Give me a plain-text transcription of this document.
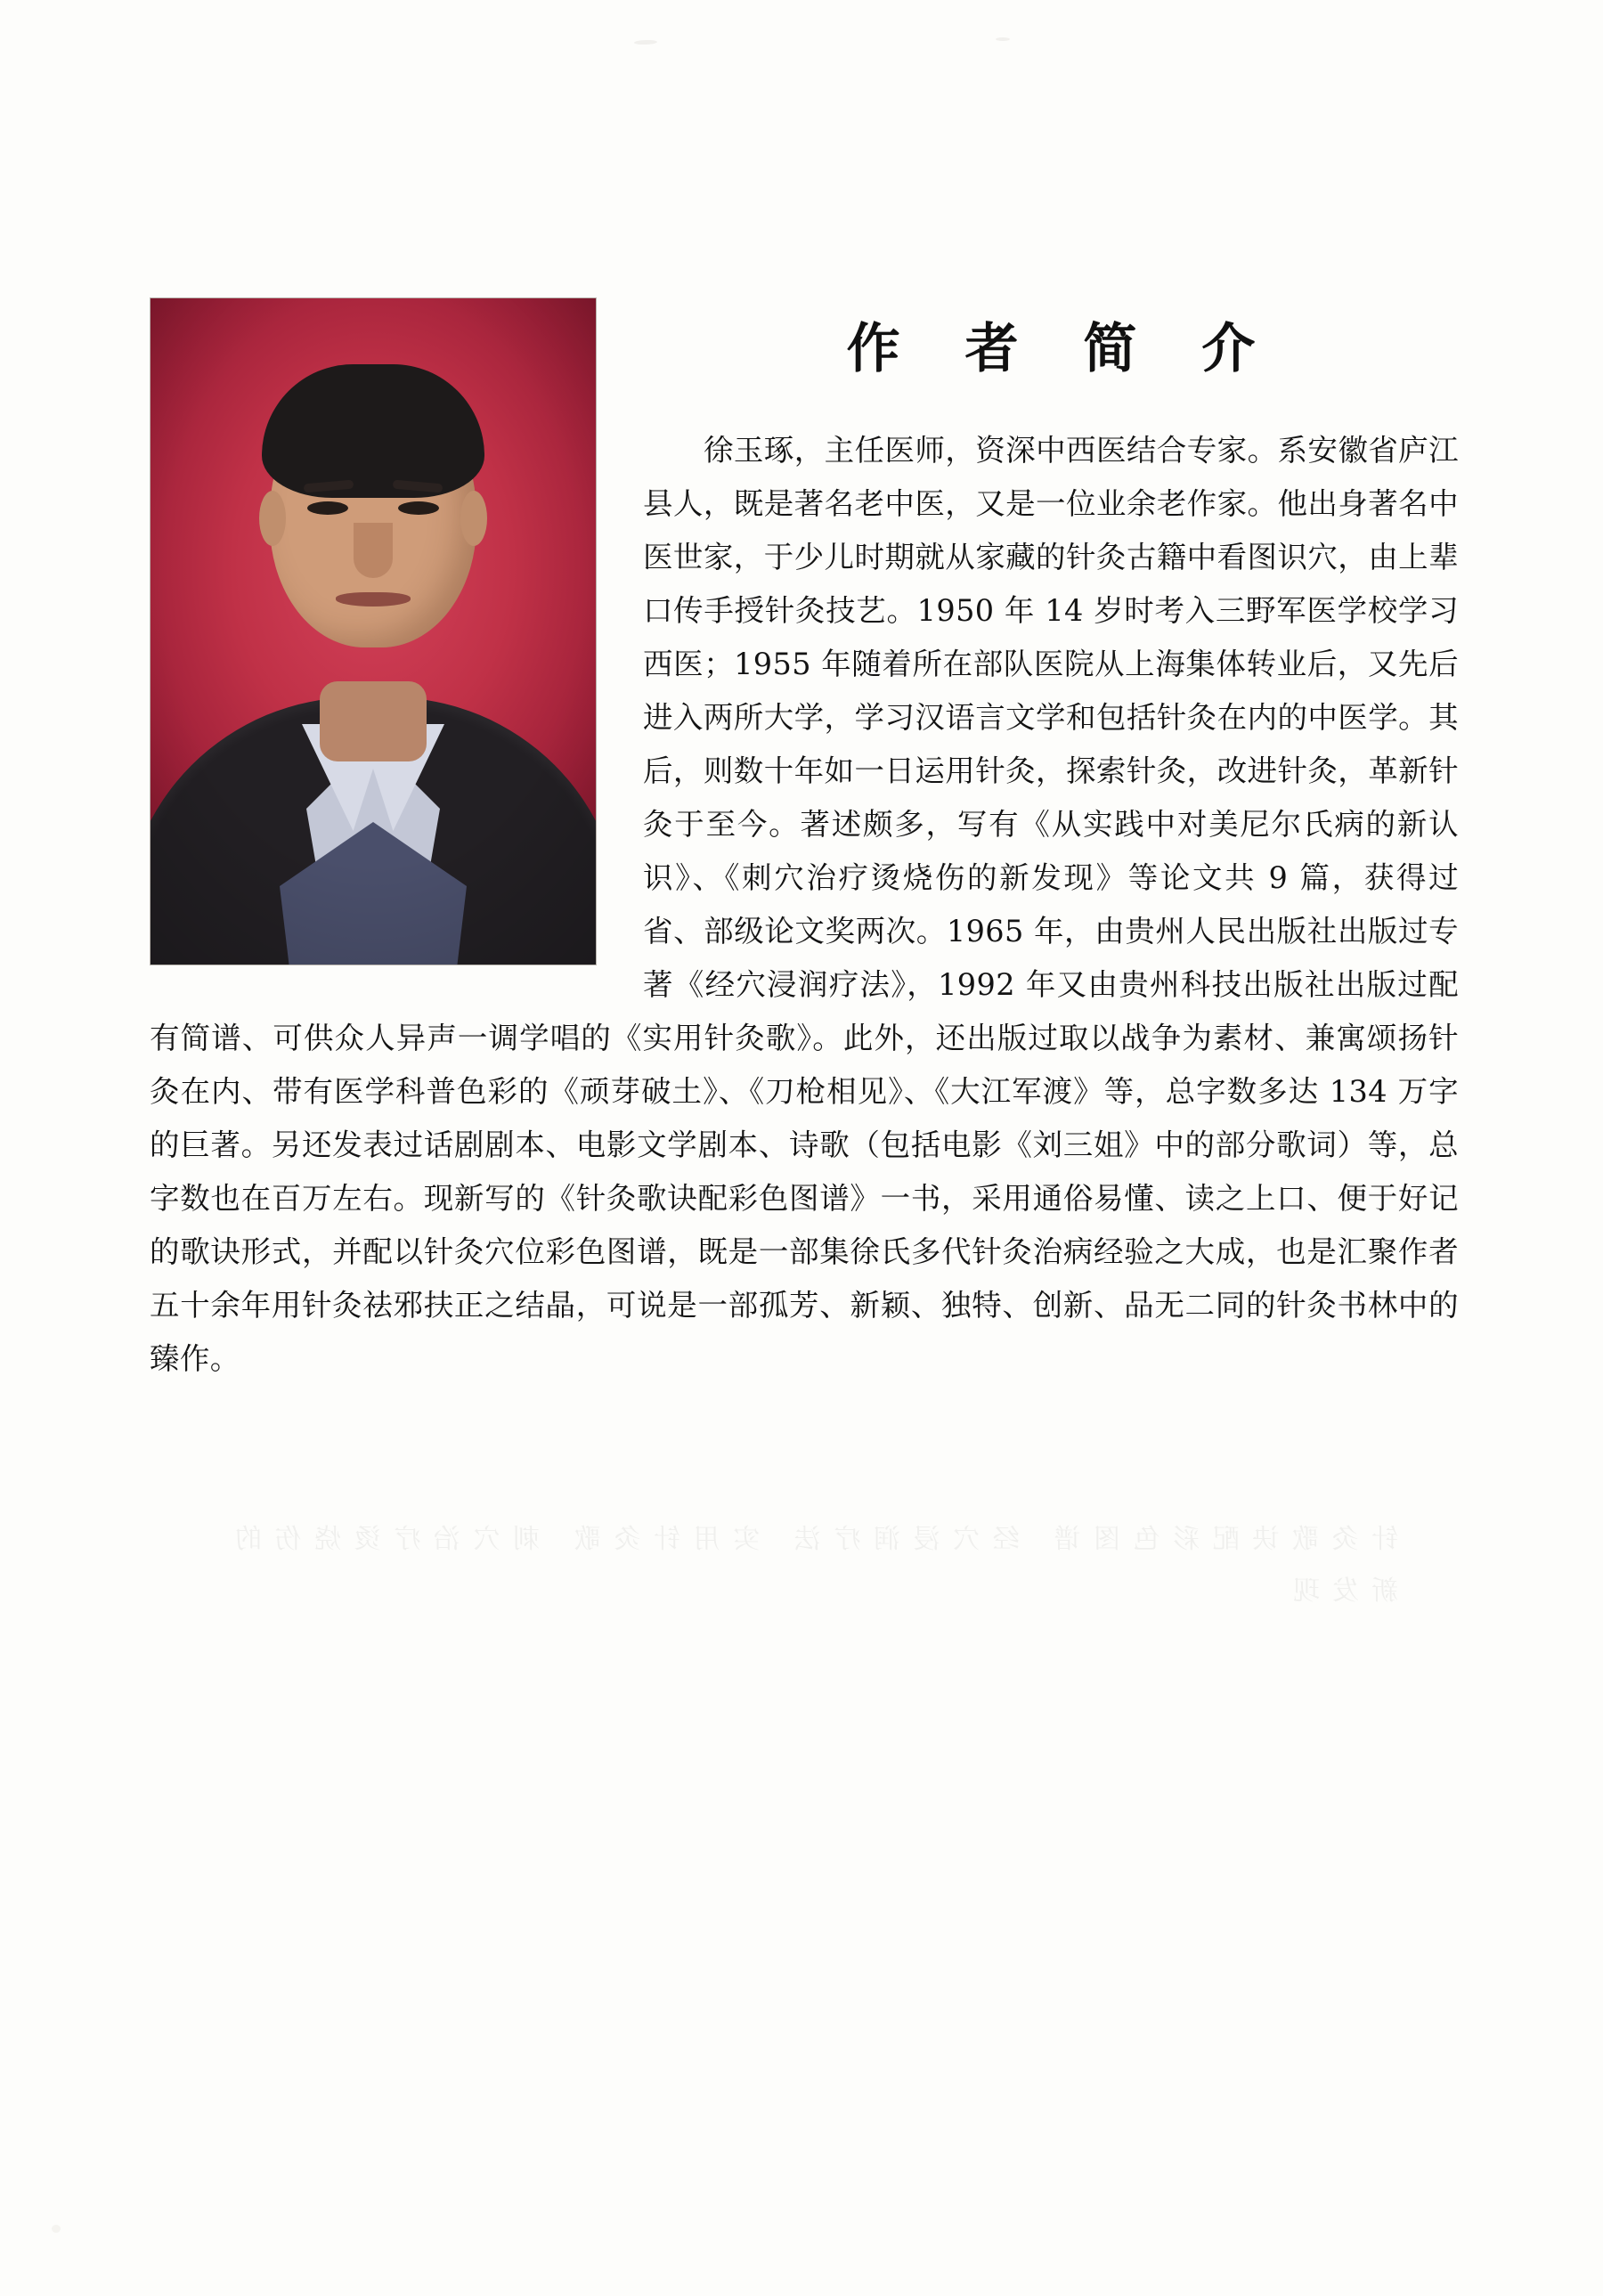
针灸歌诀配彩色图谱 经穴浸润疗法 实用针灸歌 刺穴治疗烫烧伤的新发现
作 者 简 介

徐玉琢，主任医师，资深中西医结合专家。系安徽省庐江县人，既是著名老中医，又是一位业余老作家。他出身著名中医世家，于少儿时期就从家藏的针灸古籍中看图识穴，由上辈口传手授针灸技艺。1950 年 14 岁时考入三野军医学校学习西医；1955 年随着所在部队医院从上海集体转业后，又先后进入两所大学，学习汉语言文学和包括针灸在内的中医学。其后，则数十年如一日运用针灸，探索针灸，改进针灸，革新针灸于至今。著述颇多，写有《从实践中对美尼尔氏病的新认识》、《刺穴治疗烫烧伤的新发现》等论文共 9 篇，获得过省、部级论文奖两次。1965 年，由贵州人民出版社出版过专著《经穴浸润疗法》，1992 年又由贵州科技出版社出版过配有简谱、可供众人异声一调学唱的《实用针灸歌》。此外，还出版过取以战争为素材、兼寓颂扬针灸在内、带有医学科普色彩的《顽芽破土》、《刀枪相见》、《大江军渡》等，总字数多达 134 万字的巨著。另还发表过话剧剧本、电影文学剧本、诗歌（包括电影《刘三姐》中的部分歌词）等，总字数也在百万左右。现新写的《针灸歌诀配彩色图谱》一书，采用通俗易懂、读之上口、便于好记的歌诀形式，并配以针灸穴位彩色图谱，既是一部集徐氏多代针灸治病经验之大成，也是汇聚作者五十余年用针灸祛邪扶正之结晶，可说是一部孤芳、新颖、独特、创新、品无二同的针灸书林中的臻作。
